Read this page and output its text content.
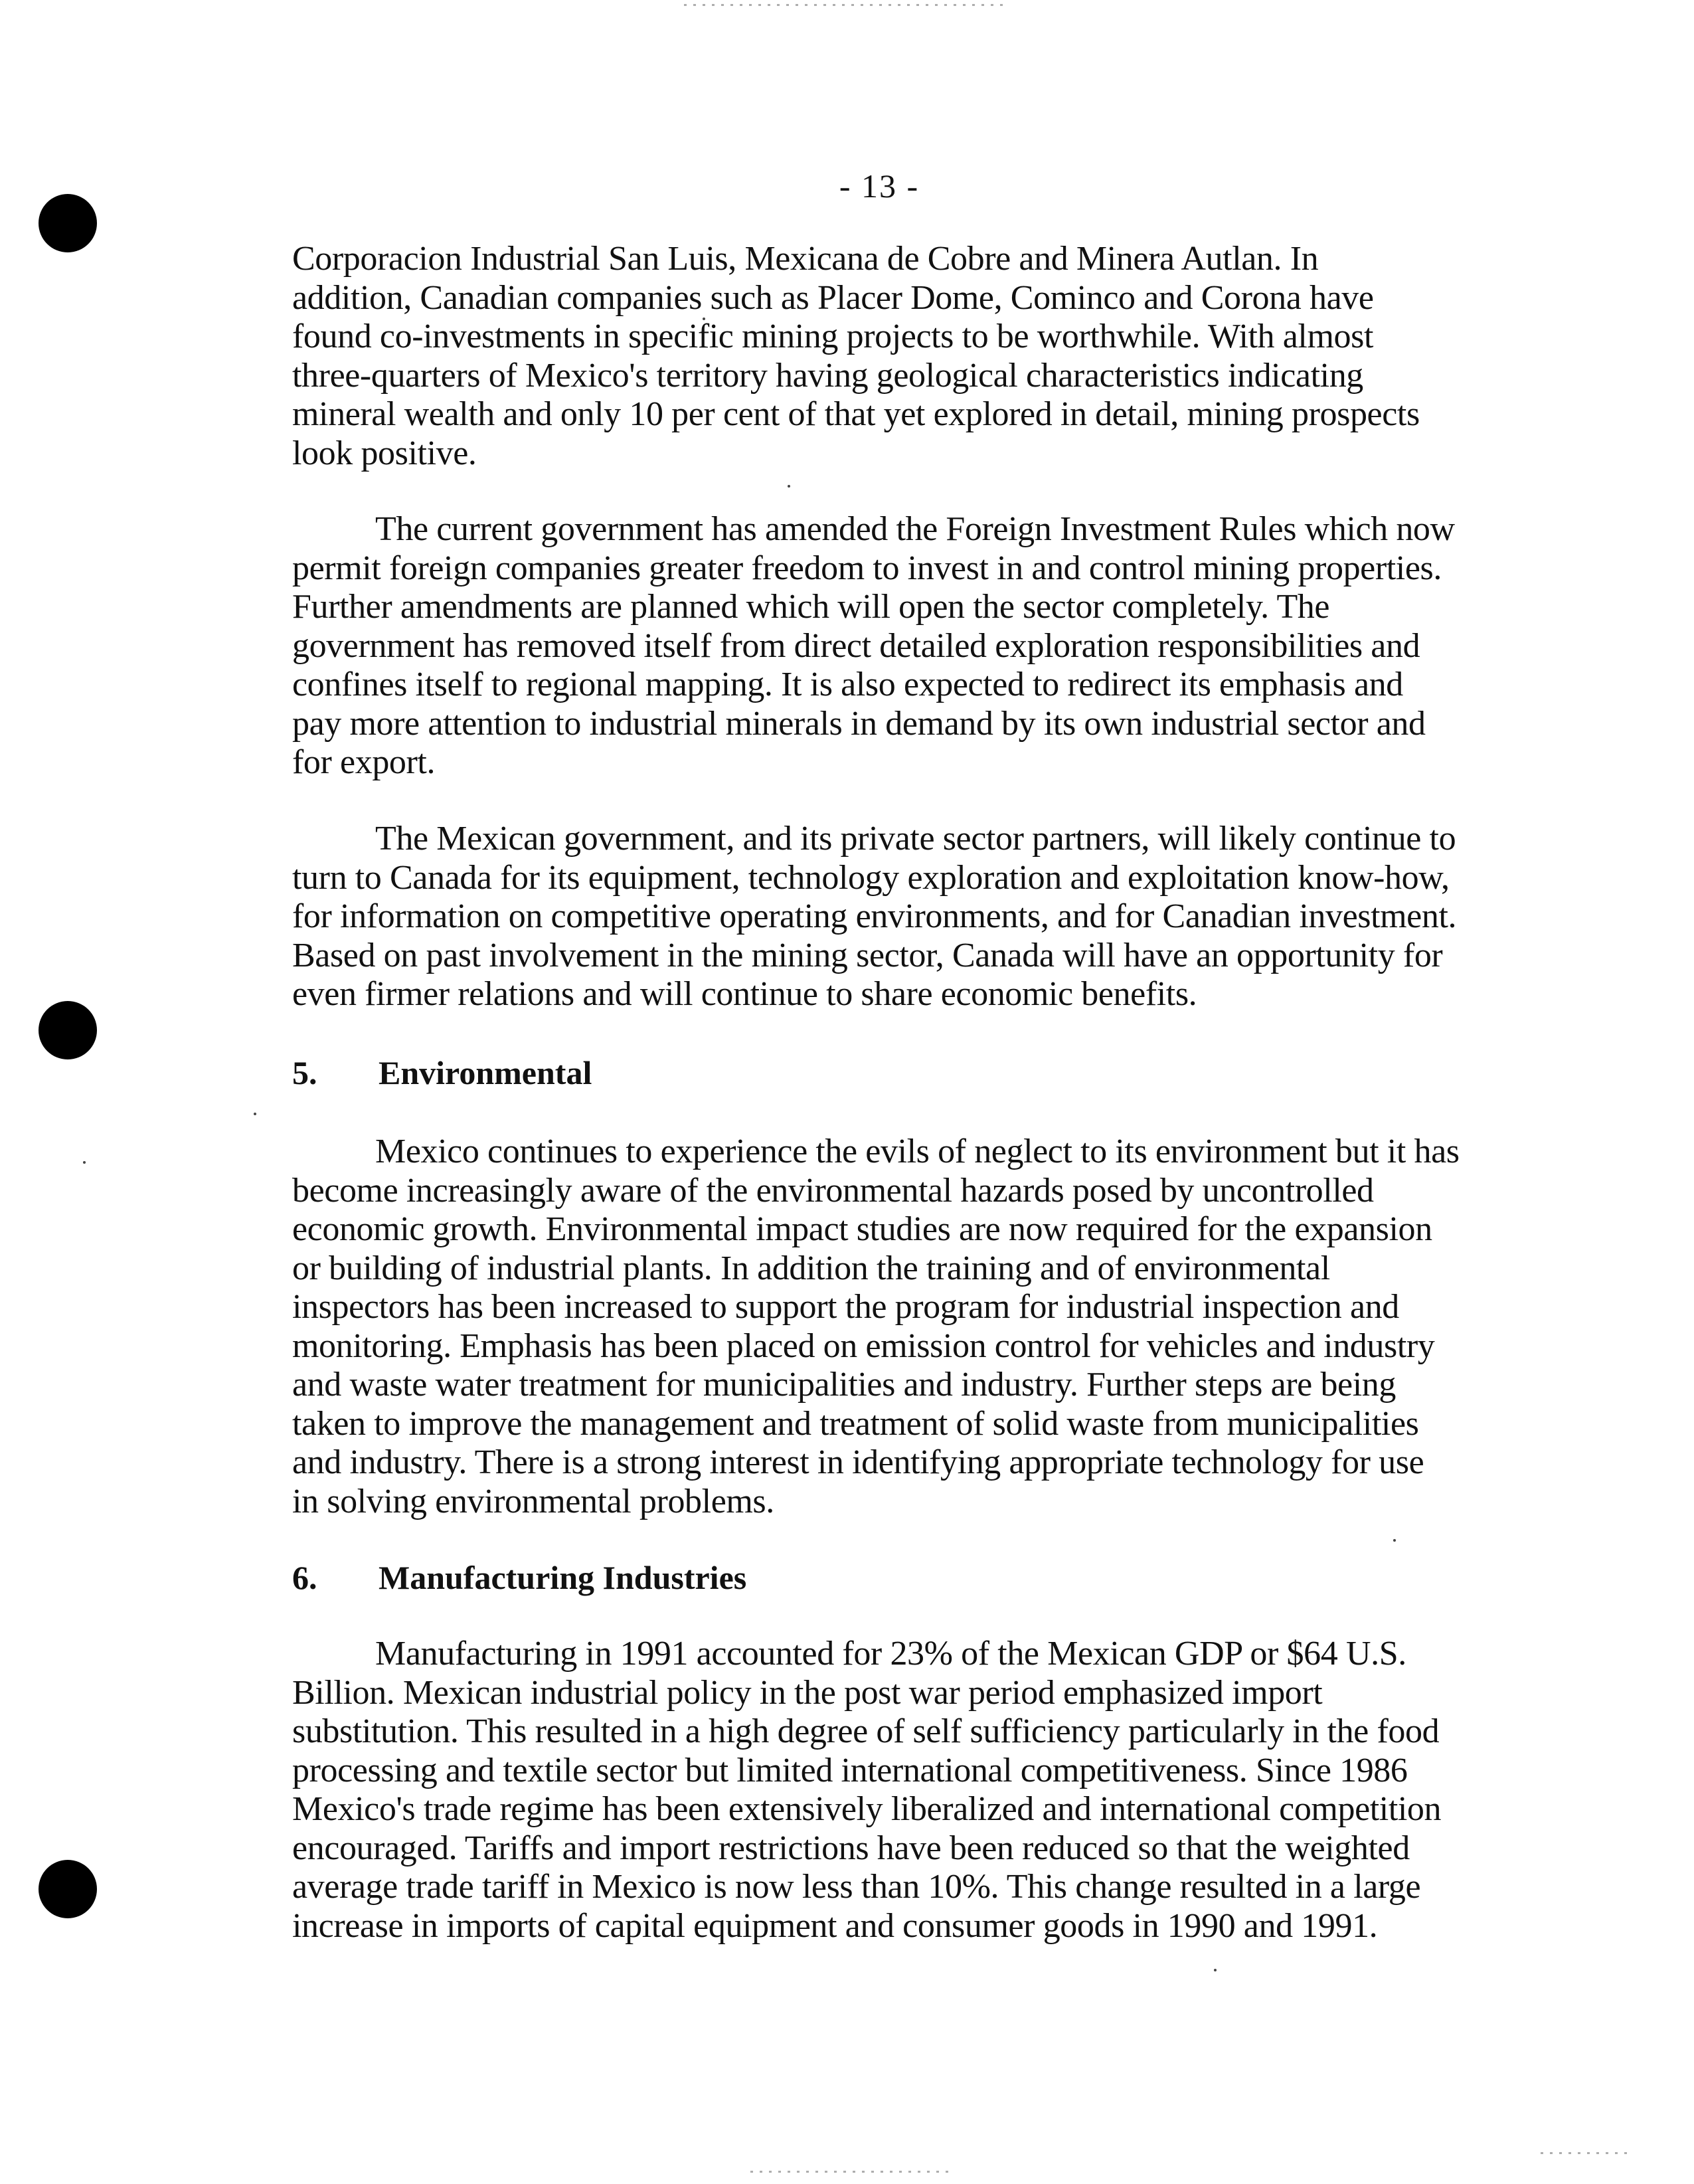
- 13 -
Corporacion Industrial San Luis, Mexicana de Cobre and Minera Autlan. In
addition, Canadian companies such as Placer Dome, Cominco and Corona have
found co-investments in specific mining projects to be worthwhile. With almost
three-quarters of Mexico's territory having geological characteristics indicating
mineral wealth and only 10 per cent of that yet explored in detail, mining prospects
look positive.
The current government has amended the Foreign Investment Rules which now
permit foreign companies greater freedom to invest in and control mining properties.
Further amendments are planned which will open the sector completely. The
government has removed itself from direct detailed exploration responsibilities and
confines itself to regional mapping. It is also expected to redirect its emphasis and
pay more attention to industrial minerals in demand by its own industrial sector and
for export.
The Mexican government, and its private sector partners, will likely continue to
turn to Canada for its equipment, technology exploration and exploitation know-how,
for information on competitive operating environments, and for Canadian investment.
Based on past involvement in the mining sector, Canada will have an opportunity for
even firmer relations and will continue to share economic benefits.
5. Environmental
Mexico continues to experience the evils of neglect to its environment but it has
become increasingly aware of the environmental hazards posed by uncontrolled
economic growth. Environmental impact studies are now required for the expansion
or building of industrial plants. In addition the training and of environmental
inspectors has been increased to support the program for industrial inspection and
monitoring. Emphasis has been placed on emission control for vehicles and industry
and waste water treatment for municipalities and industry. Further steps are being
taken to improve the management and treatment of solid waste from municipalities
and industry. There is a strong interest in identifying appropriate technology for use
in solving environmental problems.
6. Manufacturing Industries
Manufacturing in 1991 accounted for 23% of the Mexican GDP or $64 U.S.
Billion. Mexican industrial policy in the post war period emphasized import
substitution. This resulted in a high degree of self sufficiency particularly in the food
processing and textile sector but limited international competitiveness. Since 1986
Mexico's trade regime has been extensively liberalized and international competition
encouraged. Tariffs and import restrictions have been reduced so that the weighted
average trade tariff in Mexico is now less than 10%. This change resulted in a large
increase in imports of capital equipment and consumer goods in 1990 and 1991.
